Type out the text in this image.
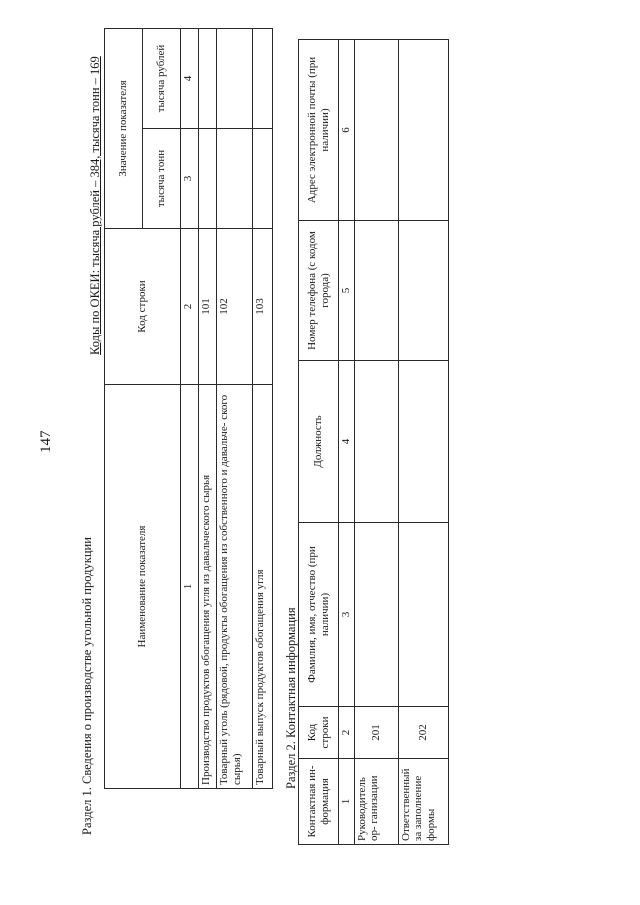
147
Раздел 1. Сведения о производстве угольной продукции
Коды по ОКЕИ: тысяча рублей – 384, тысяча тонн – 169
Наименование показателя	Код строки	Значение показателя	
		тысяча тонн	тысяча рублей
1	2	3	4
Производство продуктов обогащения угля из давальческого сырья	101		
Товарный уголь (рядовой, продукты обогащения из собственного и давальче- ского сырья)	102		
Товарный выпуск продуктов обогащения угля	103		
Раздел 2. Контактная информация
Контактная ин- формация	Код строки	Фамилия, имя, отчество (при наличии)	Должность	Номер телефона (с кодом города)	Адрес электронной почты (при наличии)
1	2	3	4	5	6
Руководитель ор- ганизации	201				
Ответственный за заполнение формы	202				
